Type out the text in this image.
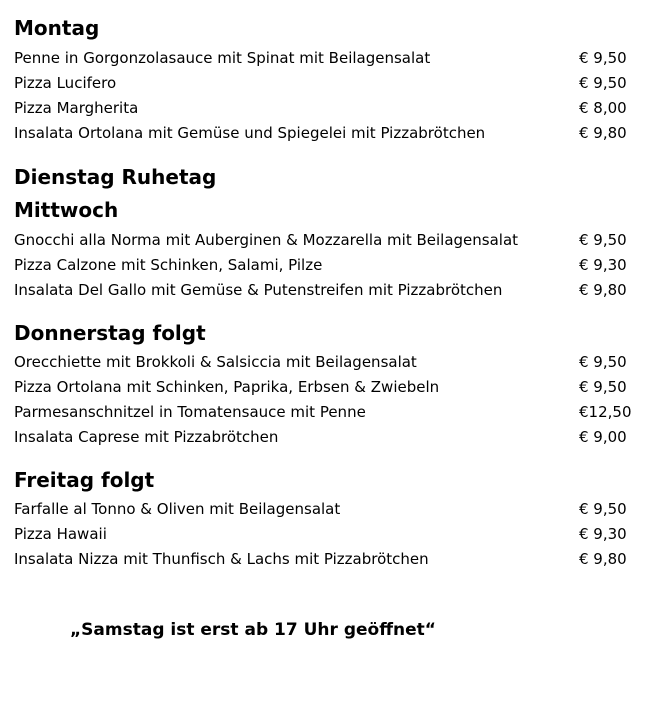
Montag
Penne in Gorgonzolasauce mit Spinat mit Beilagensalat	€ 9,50
Pizza Lucifero	€ 9,50
Pizza Margherita	€ 8,00
Insalata Ortolana mit Gemüse und Spiegelei mit Pizzabrötchen	€ 9,80
Dienstag Ruhetag
Mittwoch
Gnocchi alla Norma mit Auberginen & Mozzarella mit Beilagensalat	€ 9,50
Pizza Calzone mit Schinken, Salami, Pilze	€ 9,30
Insalata Del Gallo mit Gemüse & Putenstreifen mit Pizzabrötchen	€ 9,80
Donnerstag folgt
Orecchiette mit Brokkoli & Salsiccia mit Beilagensalat	€ 9,50
Pizza Ortolana mit Schinken, Paprika, Erbsen & Zwiebeln	€ 9,50
Parmesanschnitzel in Tomatensauce mit Penne	€12,50
Insalata Caprese mit Pizzabrötchen	€ 9,00
Freitag folgt
Farfalle al Tonno & Oliven mit Beilagensalat	€ 9,50
Pizza Hawaii	€ 9,30
Insalata Nizza mit Thunfisch & Lachs mit Pizzabrötchen	€ 9,80
„Samstag ist erst ab 17 Uhr geöffnet“
